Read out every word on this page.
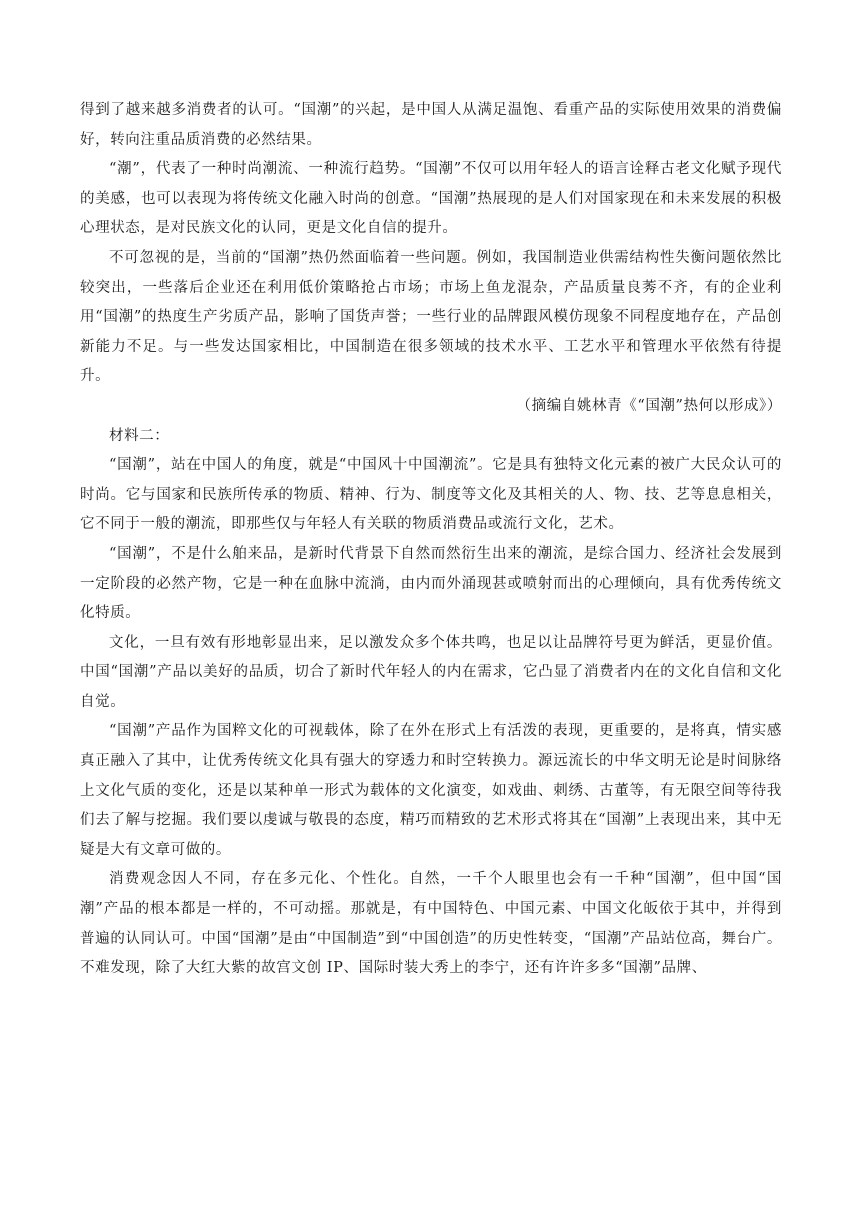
得到了越来越多消费者的认可。“国潮”的兴起，是中国人从满足温饱、看重产品的实际使用效果的消费偏好，转向注重品质消费的必然结果。

“潮”，代表了一种时尚潮流、一种流行趋势。“国潮”不仅可以用年轻人的语言诠释古老文化赋予现代的美感，也可以表现为将传统文化融入时尚的创意。“国潮”热展现的是人们对国家现在和未来发展的积极心理状态，是对民族文化的认同，更是文化自信的提升。

不可忽视的是，当前的“国潮”热仍然面临着一些问题。例如，我国制造业供需结构性失衡问题依然比较突出，一些落后企业还在利用低价策略抢占市场；市场上鱼龙混杂，产品质量良莠不齐，有的企业利用“国潮”的热度生产劣质产品，影响了国货声誉；一些行业的品牌跟风模仿现象不同程度地存在，产品创新能力不足。与一些发达国家相比，中国制造在很多领域的技术水平、工艺水平和管理水平依然有待提升。

（摘编自姚林青《“国潮”热何以形成》）

材料二：

“国潮”，站在中国人的角度，就是“中国风十中国潮流”。它是具有独特文化元素的被广大民众认可的时尚。它与国家和民族所传承的物质、精神、行为、制度等文化及其相关的人、物、技、艺等息息相关，它不同于一般的潮流，即那些仅与年轻人有关联的物质消费品或流行文化，艺术。

“国潮”，不是什么舶来品，是新时代背景下自然而然衍生出来的潮流，是综合国力、经济社会发展到一定阶段的必然产物，它是一种在血脉中流淌，由内而外涌现甚或喷射而出的心理倾向，具有优秀传统文化特质。

文化，一旦有效有形地彰显出来，足以激发众多个体共鸣，也足以让品牌符号更为鲜活，更显价值。中国“国潮”产品以美好的品质，切合了新时代年轻人的内在需求，它凸显了消费者内在的文化自信和文化自觉。

“国潮”产品作为国粹文化的可视载体，除了在外在形式上有活泼的表现，更重要的，是将真，情实感真正融入了其中，让优秀传统文化具有强大的穿透力和时空转换力。源远流长的中华文明无论是时间脉络上文化气质的变化，还是以某种单一形式为载体的文化演变，如戏曲、刺绣、古董等，有无限空间等待我们去了解与挖掘。我们要以虔诚与敬畏的态度，精巧而精致的艺术形式将其在“国潮”上表现出来，其中无疑是大有文章可做的。

消费观念因人不同，存在多元化、个性化。自然，一千个人眼里也会有一千种“国潮”，但中国“国潮”产品的根本都是一样的，不可动摇。那就是，有中国特色、中国元素、中国文化皈依于其中，并得到普遍的认同认可。中国“国潮”是由“中国制造”到“中国创造”的历史性转变，“国潮”产品站位高，舞台广。不难发现，除了大红大紫的故宫文创 IP、国际时装大秀上的李宁，还有许许多多“国潮”品牌、
